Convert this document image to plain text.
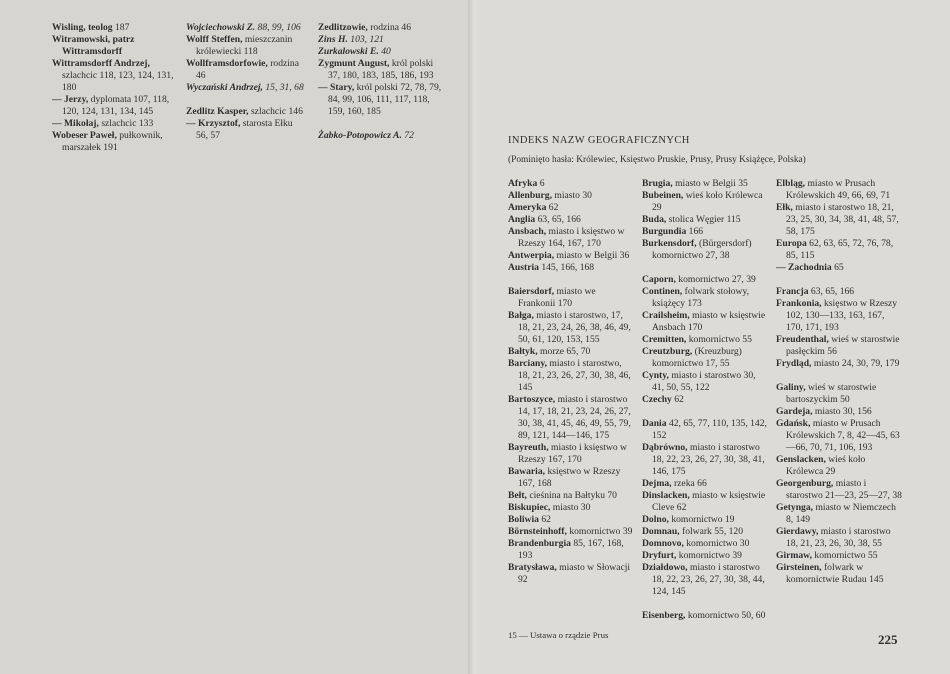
Wisling, teolog 187

Witramowski, patrz Wittramsdorff

Wittramsdorff Andrzej, szlachcic 118, 123, 124, 131, 180

— Jerzy, dyplomata 107, 118, 120, 124, 131, 134, 145

— Mikołaj, szlachcic 133

Wobeser Paweł, pułkownik, marszałek 191

Wojciechowski Z. 88, 99, 106

Wolff Steffen, mieszczanin królewiecki 118

Wollframsdorfowie, rodzina 46

Wyczański Andrzej, 15, 31, 68

Zedlitz Kasper, szlachcic 146

— Krzysztof, starosta Ełku 56, 57

Zedlitzowie, rodzina 46

Zins H. 103, 121

Zurkalowski E. 40

Zygmunt August, król polski 37, 180, 183, 185, 186, 193

— Stary, król polski 72, 78, 79, 84, 99, 106, 111, 117, 118, 159, 160, 185

Żabko-Potopowicz A. 72	INDEKS NAZW GEOGRAFICZNYCH
(Pominięto hasła: Królewiec, Księstwo Pruskie, Prusy, Prusy Książęce, Polska)

Afryka 6

Allenburg, miasto 30

Ameryka 62

Anglia 63, 65, 166

Ansbach, miasto i księstwo w Rzeszy 164, 167, 170

Antwerpia, miasto w Belgii 36

Austria 145, 166, 168

Baiersdorf, miasto we Frankonii 170

Bałga, miasto i starostwo, 17, 18, 21, 23, 24, 26, 38, 46, 49, 50, 61, 120, 153, 155

Bałtyk, morze 65, 70

Barciany, miasto i starostwo, 18, 21, 23, 26, 27, 30, 38, 46, 145

Bartoszyce, miasto i starostwo 14, 17, 18, 21, 23, 24, 26, 27, 30, 38, 41, 45, 46, 49, 55, 79, 89, 121, 144—146, 175

Bayreuth, miasto i księstwo w Rzeszy 167, 170

Bawaria, księstwo w Rzeszy 167, 168

Bełt, cieśnina na Bałtyku 70

Biskupiec, miasto 30

Boliwia 62

Börnsteinhoff, komornictwo 39

Brandenburgia 85, 167, 168, 193

Bratysława, miasto w Słowacji 92

Brugia, miasto w Belgii 35

Bubeinen, wieś koło Królewca 29

Buda, stolica Węgier 115

Burgundia 166

Burkensdorf, (Bürgersdorf) komornictwo 27, 38

Caporn, komornictwo 27, 39

Continen, folwark stołowy, książęcy 173

Crailsheim, miasto w księstwie Ansbach 170

Cremitten, komornictwo 55

Creutzburg, (Kreuzburg) komornictwo 17, 55

Cynty, miasto i starostwo 30, 41, 50, 55, 122

Czechy 62

Dania 42, 65, 77, 110, 135, 142, 152

Dąbrówno, miasto i starostwo 18, 22, 23, 26, 27, 30, 38, 41, 146, 175

Dejma, rzeka 66

Dinslacken, miasto w księstwie Cleve 62

Dolno, komornictwo 19

Domnau, folwark 55, 120

Domnovo, komornictwo 30

Dryfurt, komornictwo 39

Działdowo, miasto i starostwo 18, 22, 23, 26, 27, 30, 38, 44, 124, 145

Eisenberg, komornictwo 50, 60

Elbląg, miasto w Prusach Królewskich 49, 66, 69, 71

Ełk, miasto i starostwo 18, 21, 23, 25, 30, 34, 38, 41, 48, 57, 58, 175

Europa 62, 63, 65, 72, 76, 78, 85, 115

— Zachodnia 65

Francja 63, 65, 166

Frankonia, księstwo w Rzeszy 102, 130—133, 163, 167, 170, 171, 193

Freudenthal, wieś w starostwie pasłęckim 56

Frydląd, miasto 24, 30, 79, 179

Galiny, wieś w starostwie bartoszyckim 50

Gardeja, miasto 30, 156

Gdańsk, miasto w Prusach Królewskich 7, 8, 42—45, 63—66, 70, 71, 106, 193

Genslacken, wieś koło Królewca 29

Georgenburg, miasto i starostwo 21—23, 25—27, 38

Getynga, miasto w Niemczech 8, 149

Gierdawy, miasto i starostwo 18, 21, 23, 26, 30, 38, 55

Girmaw, komornictwo 55

Girsteinen, folwark w komornictwie Rudau 145

15 — Ustawa o rządzie Prus	225
